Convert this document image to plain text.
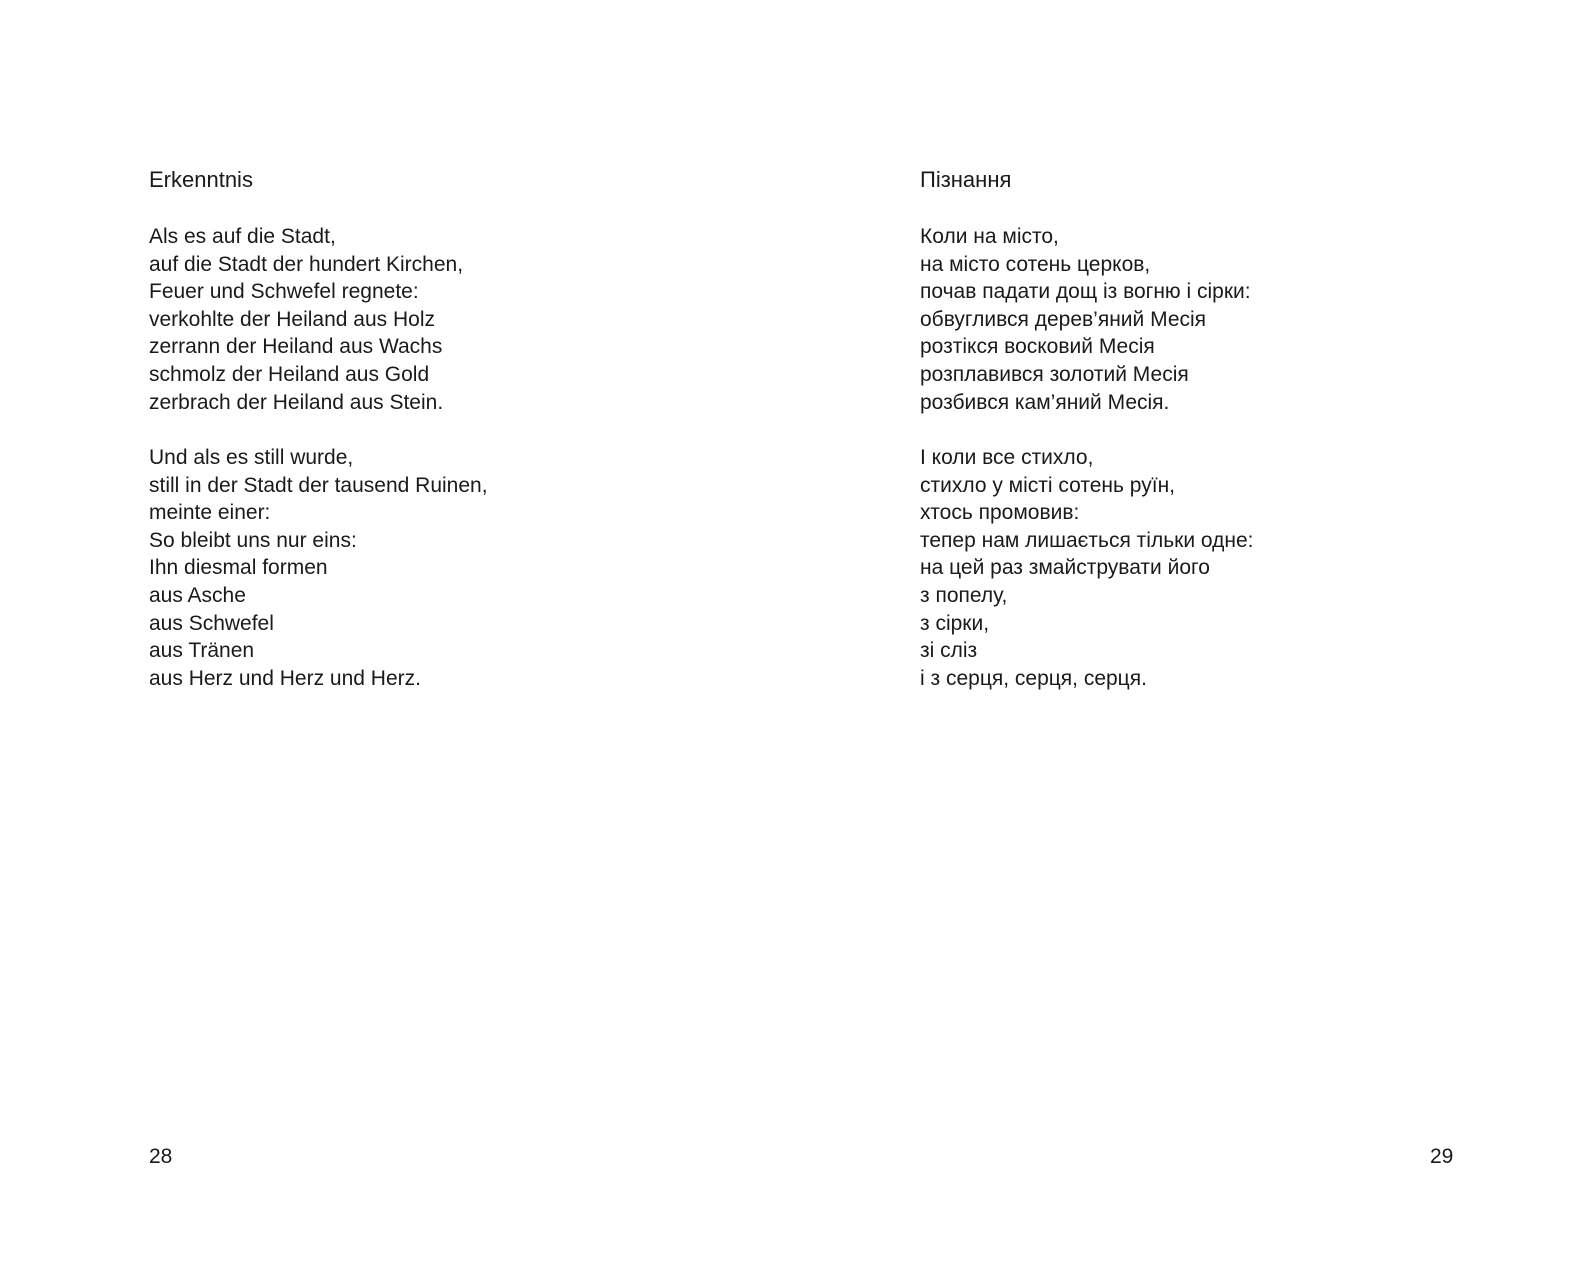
Erkenntnis
Als es auf die Stadt,
auf die Stadt der hundert Kirchen,
Feuer und Schwefel regnete:
verkohlte der Heiland aus Holz
zerrann der Heiland aus Wachs
schmolz der Heiland aus Gold
zerbrach der Heiland aus Stein.
Und als es still wurde,
still in der Stadt der tausend Ruinen,
meinte einer:
So bleibt uns nur eins:
Ihn diesmal formen
aus Asche
aus Schwefel
aus Tränen
aus Herz und Herz und Herz.
28
Пізнання
Коли на місто,
на місто сотень церков,
почав падати дощ із вогню і сірки:
обвуглився дерев’яний Месія
розтікся восковий Месія
розплавився золотий Месія
розбився кам’яний Месія.
І коли все стихло,
стихло у місті сотень руїн,
хтось промовив:
тепер нам лишається тільки одне:
на цей раз змайструвати його
з попелу,
з сірки,
зі сліз
і з серця, серця, серця.
29
